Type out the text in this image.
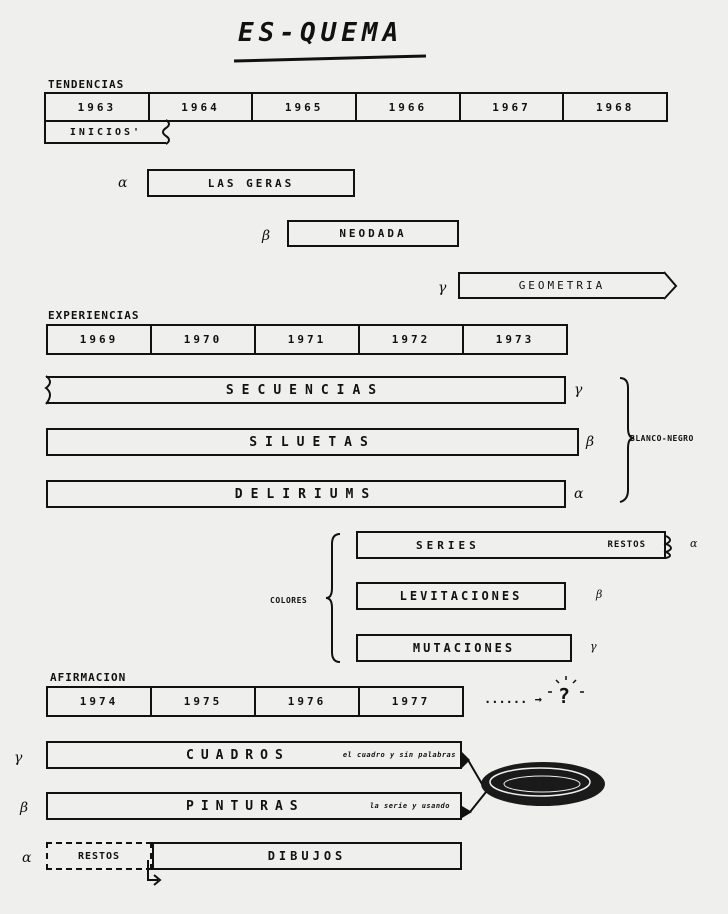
ES-QUEMA
TENDENCIAS
1963	1964	1965	1966	1967	1968
INICIOS'
α	LAS GERAS
β	NEODADA
γ	GEOMETRIA
EXPERIENCIAS
1969	1970	1971	1972	1973
SECUENCIAS	γ
SILUETAS	β
DELIRIUMS	α
BLANCO-NEGRO
COLORES
SERIES	RESTOS	α
LEVITACIONES	β
MUTACIONES	γ
AFIRMACION
1974	1975	1976	1977	...... → ?
γ	CUADROS	el cuadro y sin palabras
β	PINTURAS	la serie y usando
α	RESTOS	DIBUJOS
